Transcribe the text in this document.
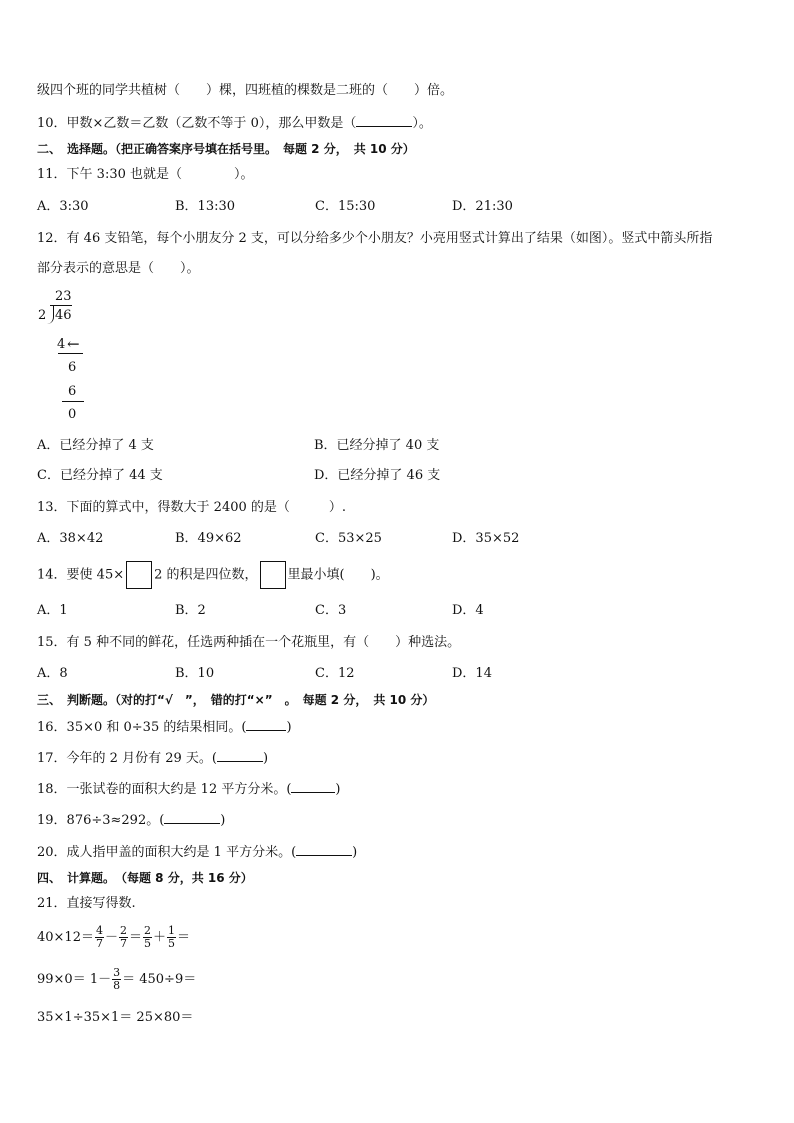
级四个班的同学共植树（　　）棵，四班植的棵数是二班的（　　）倍。
10．甲数×乙数＝乙数（乙数不等于 0），那么甲数是（	）。
二、　选择题。（把正确答案序号填在括号里。　每题 2 分，　共 10 分）
11．下午 3:30 也就是（　　　　）。
A．3:30	B．13:30	C．15:30	D．21:30
12．有 46 支铅笔，每个小朋友分 2 支，可以分给多少个小朋友？小亮用竖式计算出了结果（如图）。竖式中箭头所指
部分表示的意思是（　　）。
23
2 46
4 ←
6
6
0
A．已经分掉了 4 支	B．已经分掉了 40 支
C．已经分掉了 44 支	D．已经分掉了 46 支
13．下面的算式中，得数大于 2400 的是（　　　）.
A．38×42	B．49×62	C．53×25	D．35×52
14．要使 45× 2 的积是四位数， 里最小填(　　)。
A．1	B．2	C．3	D．4
15．有 5 种不同的鲜花，任选两种插在一个花瓶里，有（　　）种选法。
A．8	B．10	C．12	D．14
三、　判断题。（对的打“√　”，　错的打“×”　。　每题 2 分，　共 10 分）
16．35×0 和 0÷35 的结果相同。(	)
17．今年的 2 月份有 29 天。(	)
18．一张试卷的面积大约是 12 平方分米。(	)
19．876÷3≈292。(	)
20．成人指甲盖的面积大约是 1 平方分米。(	)
四、　计算题。　（每题 8 分，共 16 分）
21．直接写得数.
$40\times 12= \frac{4}{7} - \frac{2}{7} = \frac{2}{5} + \frac{1}{5}$ ＝
$99\times 0= 1- \frac{3}{8} = 450\div 9=$
35×1÷35×1＝ 25×80＝
